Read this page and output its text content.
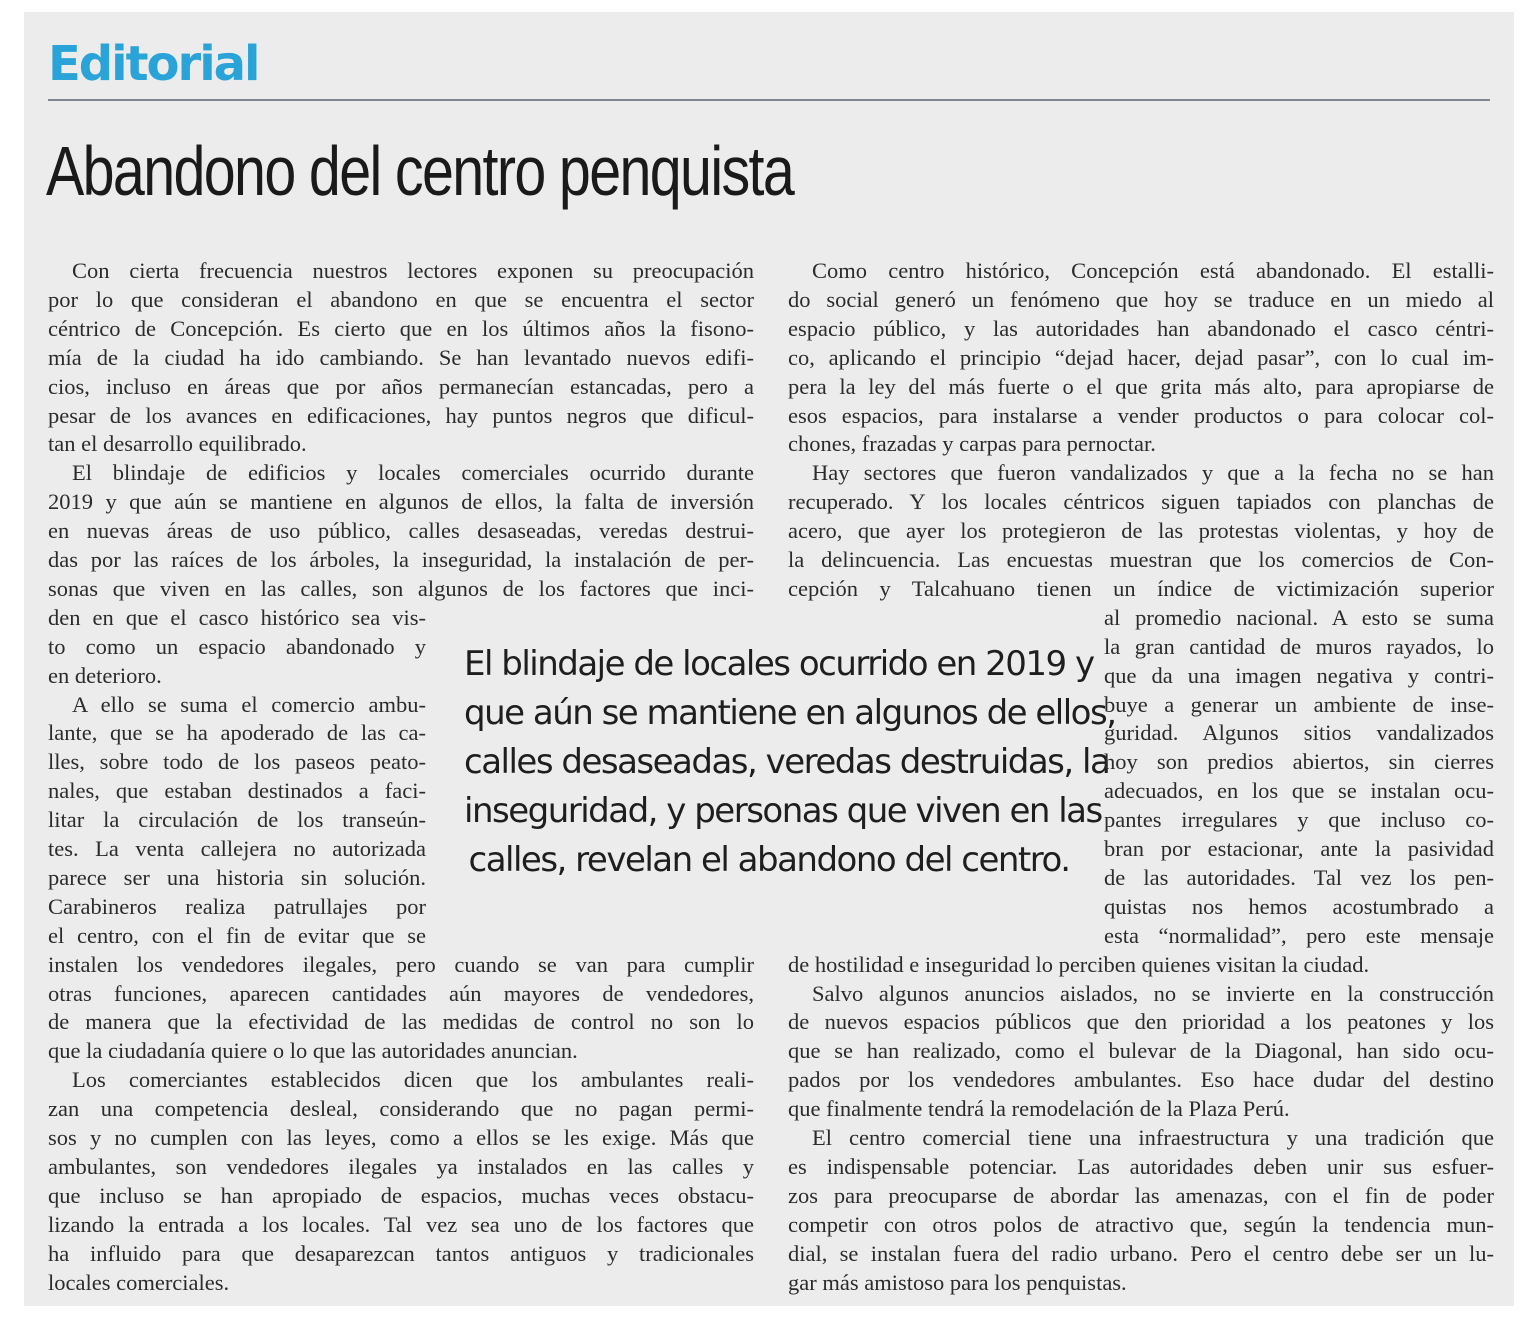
Editorial
Abandono del centro penquista
El blindaje de locales ocurrido en 2019 y
que aún se mantiene en algunos de ellos,
calles desaseadas, veredas destruidas, la
inseguridad, y personas que viven en las
calles, revelan el abandono del centro.
Con cierta frecuencia nuestros lectores exponen su preocupación
por lo que consideran el abandono en que se encuentra el sector
céntrico de Concepción. Es cierto que en los últimos años la fisono-
mía de la ciudad ha ido cambiando. Se han levantado nuevos edifi-
cios, incluso en áreas que por años permanecían estancadas, pero a
pesar de los avances en edificaciones, hay puntos negros que dificul-
tan el desarrollo equilibrado.
El blindaje de edificios y locales comerciales ocurrido durante
2019 y que aún se mantiene en algunos de ellos, la falta de inversión
en nuevas áreas de uso público, calles desaseadas, veredas destrui-
das por las raíces de los árboles, la inseguridad, la instalación de per-
sonas que viven en las calles, son algunos de los factores que inci-
den en que el casco histórico sea vis-
to como un espacio abandonado y
en deterioro.
A ello se suma el comercio ambu-
lante, que se ha apoderado de las ca-
lles, sobre todo de los paseos peato-
nales, que estaban destinados a faci-
litar la circulación de los transeún-
tes. La venta callejera no autorizada
parece ser una historia sin solución.
Carabineros realiza patrullajes por
el centro, con el fin de evitar que se
instalen los vendedores ilegales, pero cuando se van para cumplir
otras funciones, aparecen cantidades aún mayores de vendedores,
de manera que la efectividad de las medidas de control no son lo
que la ciudadanía quiere o lo que las autoridades anuncian.
Los comerciantes establecidos dicen que los ambulantes reali-
zan una competencia desleal, considerando que no pagan permi-
sos y no cumplen con las leyes, como a ellos se les exige. Más que
ambulantes, son vendedores ilegales ya instalados en las calles y
que incluso se han apropiado de espacios, muchas veces obstacu-
lizando la entrada a los locales. Tal vez sea uno de los factores que
ha influido para que desaparezcan tantos antiguos y tradicionales
locales comerciales.
Como centro histórico, Concepción está abandonado. El estalli-
do social generó un fenómeno que hoy se traduce en un miedo al
espacio público, y las autoridades han abandonado el casco céntri-
co, aplicando el principio “dejad hacer, dejad pasar”, con lo cual im-
pera la ley del más fuerte o el que grita más alto, para apropiarse de
esos espacios, para instalarse a vender productos o para colocar col-
chones, frazadas y carpas para pernoctar.
Hay sectores que fueron vandalizados y que a la fecha no se han
recuperado. Y los locales céntricos siguen tapiados con planchas de
acero, que ayer los protegieron de las protestas violentas, y hoy de
la delincuencia. Las encuestas muestran que los comercios de Con-
cepción y Talcahuano tienen un índice de victimización superior
al promedio nacional. A esto se suma
la gran cantidad de muros rayados, lo
que da una imagen negativa y contri-
buye a generar un ambiente de inse-
guridad. Algunos sitios vandalizados
hoy son predios abiertos, sin cierres
adecuados, en los que se instalan ocu-
pantes irregulares y que incluso co-
bran por estacionar, ante la pasividad
de las autoridades. Tal vez los pen-
quistas nos hemos acostumbrado a
esta “normalidad”, pero este mensaje
de hostilidad e inseguridad lo perciben quienes visitan la ciudad.
Salvo algunos anuncios aislados, no se invierte en la construcción
de nuevos espacios públicos que den prioridad a los peatones y los
que se han realizado, como el bulevar de la Diagonal, han sido ocu-
pados por los vendedores ambulantes. Eso hace dudar del destino
que finalmente tendrá la remodelación de la Plaza Perú.
El centro comercial tiene una infraestructura y una tradición que
es indispensable potenciar. Las autoridades deben unir sus esfuer-
zos para preocuparse de abordar las amenazas, con el fin de poder
competir con otros polos de atractivo que, según la tendencia mun-
dial, se instalan fuera del radio urbano. Pero el centro debe ser un lu-
gar más amistoso para los penquistas.
